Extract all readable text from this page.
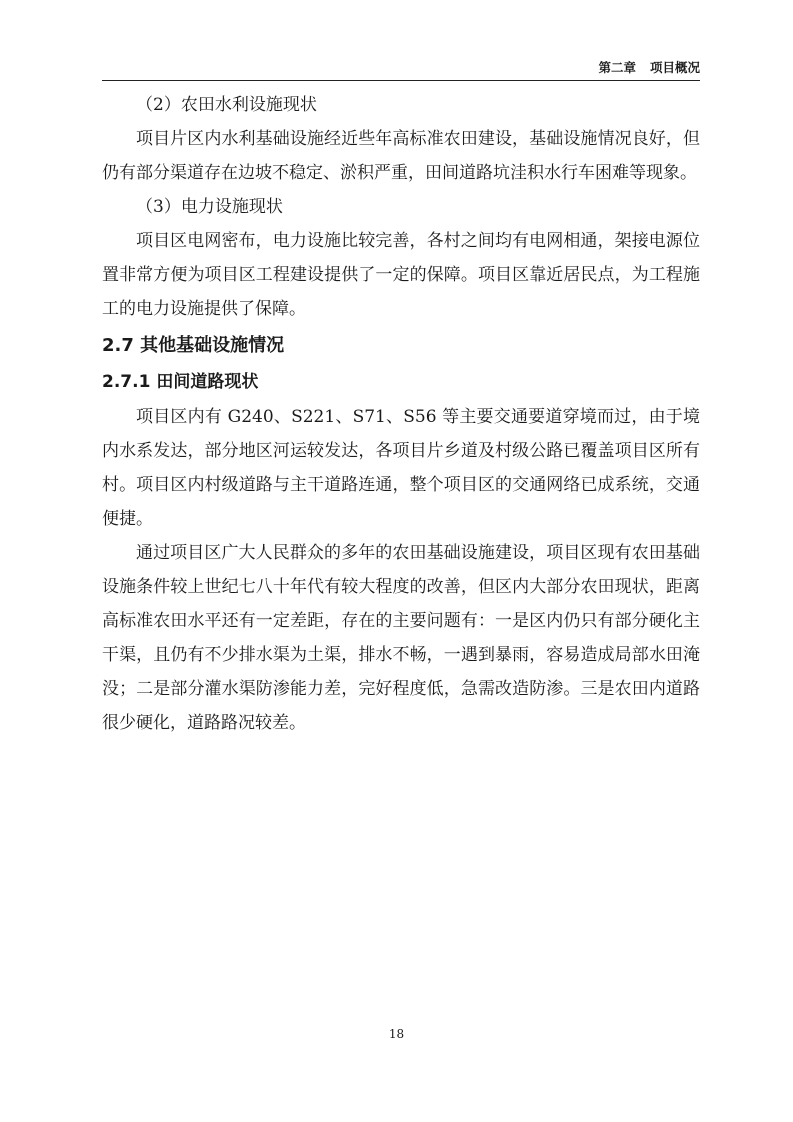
第二章 项目概况
（2）农田水利设施现状

项目片区内水利基础设施经近些年高标准农田建设，基础设施情况良好，但仍有部分渠道存在边坡不稳定、淤积严重，田间道路坑洼积水行车困难等现象。

（3）电力设施现状

项目区电网密布，电力设施比较完善，各村之间均有电网相通，架接电源位置非常方便为项目区工程建设提供了一定的保障。项目区靠近居民点，为工程施工的电力设施提供了保障。

2.7 其他基础设施情况
2.7.1 田间道路现状

项目区内有 G240、S221、S71、S56 等主要交通要道穿境而过，由于境内水系发达，部分地区河运较发达，各项目片乡道及村级公路已覆盖项目区所有村。项目区内村级道路与主干道路连通，整个项目区的交通网络已成系统，交通便捷。

通过项目区广大人民群众的多年的农田基础设施建设，项目区现有农田基础设施条件较上世纪七八十年代有较大程度的改善，但区内大部分农田现状，距离高标准农田水平还有一定差距，存在的主要问题有：一是区内仍只有部分硬化主干渠，且仍有不少排水渠为土渠，排水不畅，一遇到暴雨，容易造成局部水田淹没；二是部分灌水渠防渗能力差，完好程度低，急需改造防渗。三是农田内道路很少硬化，道路路况较差。

18
